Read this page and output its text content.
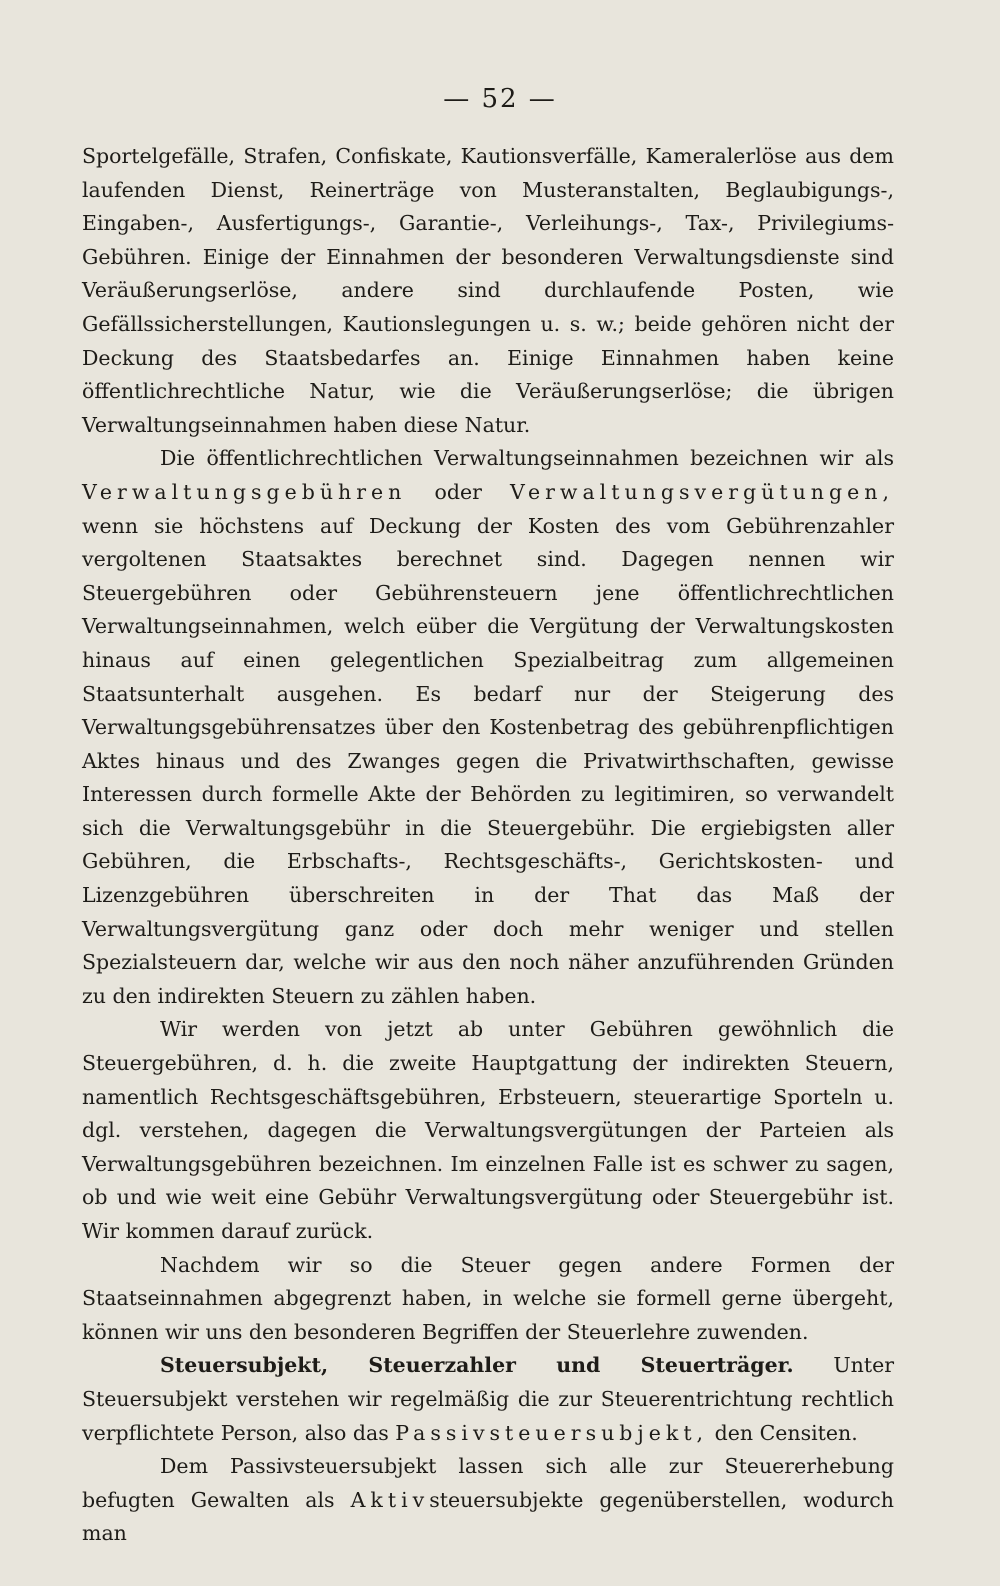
— 52 —

Sportelgefälle, Strafen, Confiskate, Kautionsverfälle, Kameralerlöse aus dem laufenden Dienst, Reinerträge von Musteranstalten, Beglaubigungs-, Eingaben-, Ausfertigungs-, Garantie-, Verleihungs-, Tax-, Privilegiums-Gebühren. Einige der Einnahmen der besonderen Verwaltungsdienste sind Veräußerungserlöse, andere sind durchlaufende Posten, wie Gefällssicherstellungen, Kautionslegungen u. s. w.; beide gehören nicht der Deckung des Staatsbedarfes an. Einige Einnahmen haben keine öffentlichrechtliche Natur, wie die Veräußerungserlöse; die übrigen Verwaltungseinnahmen haben diese Natur.

Die öffentlichrechtlichen Verwaltungseinnahmen bezeichnen wir als Verwaltungsgebühren oder Verwaltungsvergütungen, wenn sie höchstens auf Deckung der Kosten des vom Gebührenzahler vergoltenen Staatsaktes berechnet sind. Dagegen nennen wir Steuergebühren oder Gebührensteuern jene öffentlichrechtlichen Verwaltungseinnahmen, welch eüber die Vergütung der Verwaltungskosten hinaus auf einen gelegentlichen Spezialbeitrag zum allgemeinen Staatsunterhalt ausgehen. Es bedarf nur der Steigerung des Verwaltungsgebührensatzes über den Kostenbetrag des gebührenpflichtigen Aktes hinaus und des Zwanges gegen die Privatwirthschaften, gewisse Interessen durch formelle Akte der Behörden zu legitimiren, so verwandelt sich die Verwaltungsgebühr in die Steuergebühr. Die ergiebigsten aller Gebühren, die Erbschafts-, Rechtsgeschäfts-, Gerichtskosten- und Lizenzgebühren überschreiten in der That das Maß der Verwaltungsvergütung ganz oder doch mehr weniger und stellen Spezialsteuern dar, welche wir aus den noch näher anzuführenden Gründen zu den indirekten Steuern zu zählen haben.

Wir werden von jetzt ab unter Gebühren gewöhnlich die Steuergebühren, d. h. die zweite Hauptgattung der indirekten Steuern, namentlich Rechtsgeschäftsgebühren, Erbsteuern, steuerartige Sporteln u. dgl. verstehen, dagegen die Verwaltungsvergütungen der Parteien als Verwaltungsgebühren bezeichnen. Im einzelnen Falle ist es schwer zu sagen, ob und wie weit eine Gebühr Verwaltungsvergütung oder Steuergebühr ist. Wir kommen darauf zurück.

Nachdem wir so die Steuer gegen andere Formen der Staatseinnahmen abgegrenzt haben, in welche sie formell gerne übergeht, können wir uns den besonderen Begriffen der Steuerlehre zuwenden.

Steuersubjekt, Steuerzahler und Steuerträger. Unter Steuersubjekt verstehen wir regelmäßig die zur Steuerentrichtung rechtlich verpflichtete Person, also das Passivsteuersubjekt, den Censiten.

Dem Passivsteuersubjekt lassen sich alle zur Steuererhebung befugten Gewalten als Aktivsteuersubjekte gegenüberstellen, wodurch man
